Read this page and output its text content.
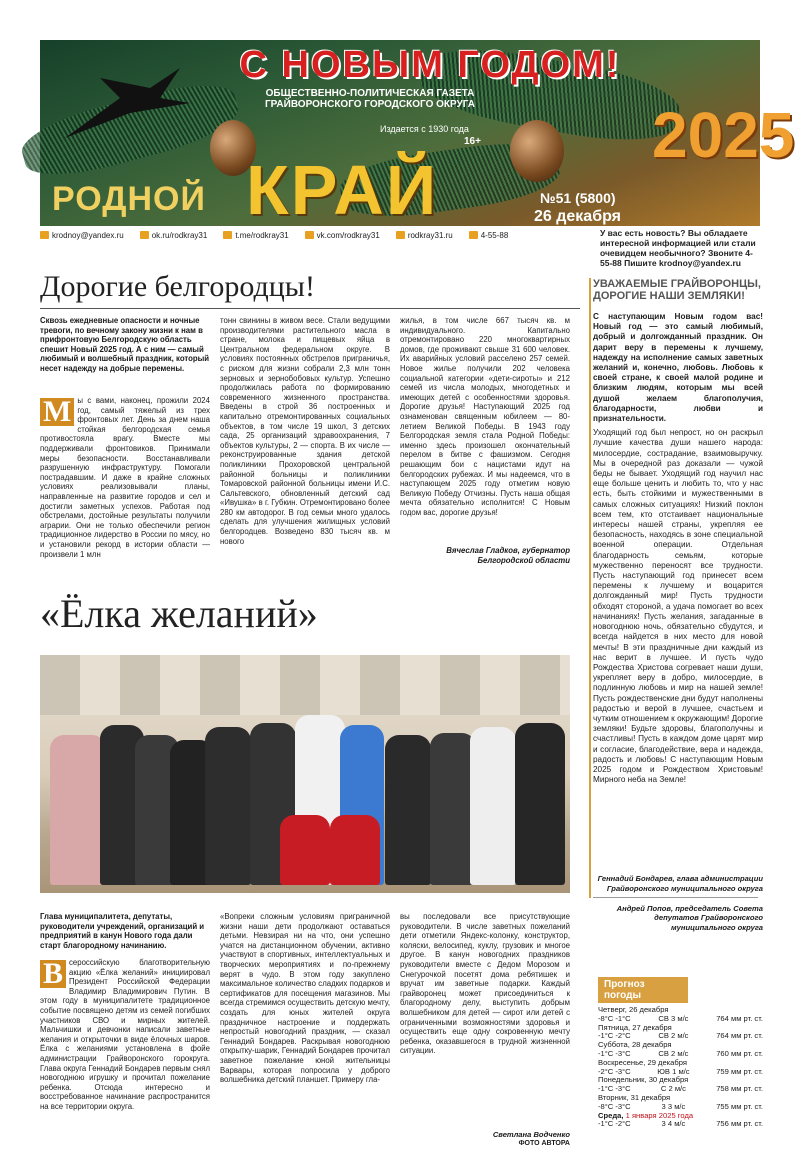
С НОВЫМ ГОДОМ!
ОБЩЕСТВЕННО-ПОЛИТИЧЕСКАЯ ГАЗЕТА ГРАЙВОРОНСКОГО ГОРОДСКОГО ОКРУГА
Издается с 1930 года
16+	2025
РОДНОЙ КРАЙ	№51 (5800)
26 декабря 2024 г.
krodnoy@yandex.ru	ok.ru/rodkray31	t.me/rodkray31	vk.com/rodkray31	rodkray31.ru	4-55-88	У вас есть новость? Вы обладаете интересной информацией или стали очевидцем необычного? Звоните 4-55-88 Пишите krodnoy@yandex.ru
Дорогие белгородцы!
Сквозь ежедневные опасности и ночные тревоги, по вечному закону жизни к нам в прифронтовую Белгородскую область спешит Новый 2025 год. А с ним — самый любимый и волшебный праздник, который несет надежду на добрые перемены.
М ы с вами, наконец, прожили 2024 год, самый тяжелый из трех фронтовых лет. День за днем наша стойкая белгородская семья противостояла врагу. Вместе мы поддерживали фронтовиков. Принимали меры безопасности. Восстанавливали разрушенную инфраструктуру. Помогали пострадавшим. И даже в крайне сложных условиях реализовывали планы, направленные на развитие городов и сел и достигли заметных успехов. Работая под обстрелами, достойные результаты получили аграрии. Они не только обеспечили регион традиционное лидерство в России по мясу, но и установили рекорд в истории области — произвели 1 млн
тонн свинины в живом весе. Стали ведущими производителями растительного масла в стране, молока и пищевых яйца в Центральном федеральном округе. В условиях постоянных обстрелов приграничья, с риском для жизни собрали 2,3 млн тонн зерновых и зернобобовых культур. Успешно продолжилась работа по формированию современного жизненного пространства. Введены в строй 36 построенных и капитально отремонтированных социальных объектов, в том числе 19 школ, 3 детских сада, 25 организаций здравоохранения, 7 объектов культуры, 2 — спорта. В их числе — реконструированные здания детской поликлиники Прохоровской центральной районной больницы и поликлиники Томаровской районной больницы имени И.С. Сальтевского, обновленный детский сад «Ивушка» в г. Губкин. Отремонтировано более 280 км автодорог. В год семьи много удалось сделать для улучшения жилищных условий белгородцев. Возведено 830 тысяч кв. м нового
жилья, в том числе 667 тысяч кв. м индивидуального. Капитально отремонтировано 220 многоквартирных домов, где проживают свыше 31 600 человек. Их аварийных условий расселено 257 семей. Новое жилье получили 202 человека социальной категории «дети-сироты» и 212 семей из числа молодых, многодетных и имеющих детей с особенностями здоровья. Дорогие друзья! Наступающий 2025 год ознаменован священным юбилеем — 80-летием Великой Победы. В 1943 году Белгородская земля стала Родной Победы: именно здесь произошел окончательный перелом в битве с фашизмом. Сегодня решающим бои с нацистами идут на белгородских рубежах. И мы надеемся, что в наступающем 2025 году отметим новую Великую Победу Отчизны. Пусть наша общая мечта обязательно исполнится! С Новым годом вас, дорогие друзья!
Вячеслав Гладков, губернатор Белгородской области
«Ёлка желаний»
Глава муниципалитета, депутаты, руководители учреждений, организаций и предприятий в канун Нового года дали старт благородному начинанию.
В сероссийскую благотворительную акцию «Ёлка желаний» инициировал Президент Российской Федерации Владимир Владимирович Путин. В этом году в муниципалитете традиционное событие посвящено детям из семей погибших участников СВО и мирных жителей. Мальчишки и девчонки написали заветные желания и открыточки в виде ёлочных шаров. Ёлка с желаниями установлена в фойе администрации Грайворонского горокруга. Глава округа Геннадий Бондарев первым снял новогоднюю игрушку и прочитал пожелание ребенка. Отсюда интересно и восстребованное начинание распространится на все территории округа.
«Вопреки сложным условиям приграничной жизни наши дети продолжают оставаться детьми. Невзирая ни на что, они успешно учатся на дистанционном обучении, активно участвуют в спортивных, интеллектуальных и творческих мероприятиях и по-прежнему верят в чудо. В этом году закуплено максимальное количество сладких подарков и сертификатов для посещения магазинов. Мы всегда стремимся осуществить детскую мечту, создать для юных жителей округа праздничное настроение и поддержать непростый новогодний праздник, — сказал Геннадий Бондарев. Раскрывая новогоднюю открытку-шарик, Геннадий Бондарев прочитал заветное пожелание юной жительницы Варвары, которая попросила у доброго волшебника детский планшет. Примеру гла-
вы последовали все присутствующие руководители. В числе заветных пожеланий дети отметили Яндекс-колонку, конструктор, коляски, велосипед, куклу, грузовик и многое другое. В канун новогодних праздников руководители вместе с Дедом Морозом и Снегурочкой посетят дома ребятишек и вручат им заветные подарки. Каждый грайворонец может присоединиться к благородному делу, выступить добрым волшебником для детей — сирот или детей с ограниченными возможностями здоровья и осуществить еще одну сокровенную мечту ребенка, оказавшегося в трудной жизненной ситуации.
Светлана Водченко
ФОТО АВТОРА
УВАЖАЕМЫЕ ГРАЙВОРОНЦЫ, ДОРОГИЕ НАШИ ЗЕМЛЯКИ!
С наступающим Новым годом вас! Новый год — это самый любимый, добрый и долгожданный праздник. Он дарит веру в перемены к лучшему, надежду на исполнение самых заветных желаний и, конечно, любовь. Любовь к своей стране, к своей малой родине и близким людям, которым мы всей душой желаем благополучия, благодарности, любви и признательности.
Уходящий год был непрост, но он раскрыл лучшие качества души нашего народа: милосердие, сострадание, взаимовыручку. Мы в очередной раз доказали — чужой беды не бывает. Уходящий год научил нас еще больше ценить и любить то, что у нас есть, быть стойкими и мужественными в самых сложных ситуациях! Низкий поклон всем тем, кто отстаивает национальные интересы нашей страны, укрепляя ее безопасность, находясь в зоне специальной военной операции. Отдельная благодарность семьям, которые мужественно переносят все трудности. Пусть наступающий год принесет всем перемены к лучшему и воцарится долгожданный мир! Пусть трудности обходят стороной, а удача помогает во всех начинаниях! Пусть желания, загаданные в новогоднюю ночь, обязательно сбудутся, и всегда найдется в них место для новой мечты! В эти праздничные дни каждый из нас верит в лучшее. И пусть чудо Рождества Христова согревает наши души, укрепляет веру в добро, милосердие, в подлинную любовь и мир на нашей земле! Пусть рождественские дни будут наполнены радостью и верой в лучшее, счастьем и чутким отношением к окружающим! Дорогие земляки! Будьте здоровы, благополучны и счастливы! Пусть в каждом доме царят мир и согласие, благодействие, вера и надежда, радость и любовь! С наступающим Новым 2025 годом и Рождеством Христовым! Мирного неба на Земле!
Геннадий Бондарев, глава администрации Грайворонского муниципального округа
Андрей Попов, председатель Совета депутатов Грайворонского муниципального округа
Прогноз погоды
Четверг, 26 декабря
-8°С -1°С	СВ 3 м/с	764 мм рт. ст.
Пятница, 27 декабря
-1°С -2°С	СВ 2 м/с	764 мм рт. ст.
Суббота, 28 декабря
-1°С -3°С	СВ 2 м/с	760 мм рт. ст.
Воскресенье, 29 декабря
-2°С -3°С	ЮВ 1 м/с	759 мм рт. ст.
Понедельник, 30 декабря
-1°С -3°С	С 2 м/с	758 мм рт. ст.
Вторник, 31 декабря
-8°С -3°С	3 3 м/с	755 мм рт. ст.
Среда, 1 января 2025 года
-1°С -2°С	3 4 м/с	756 мм рт. ст.
